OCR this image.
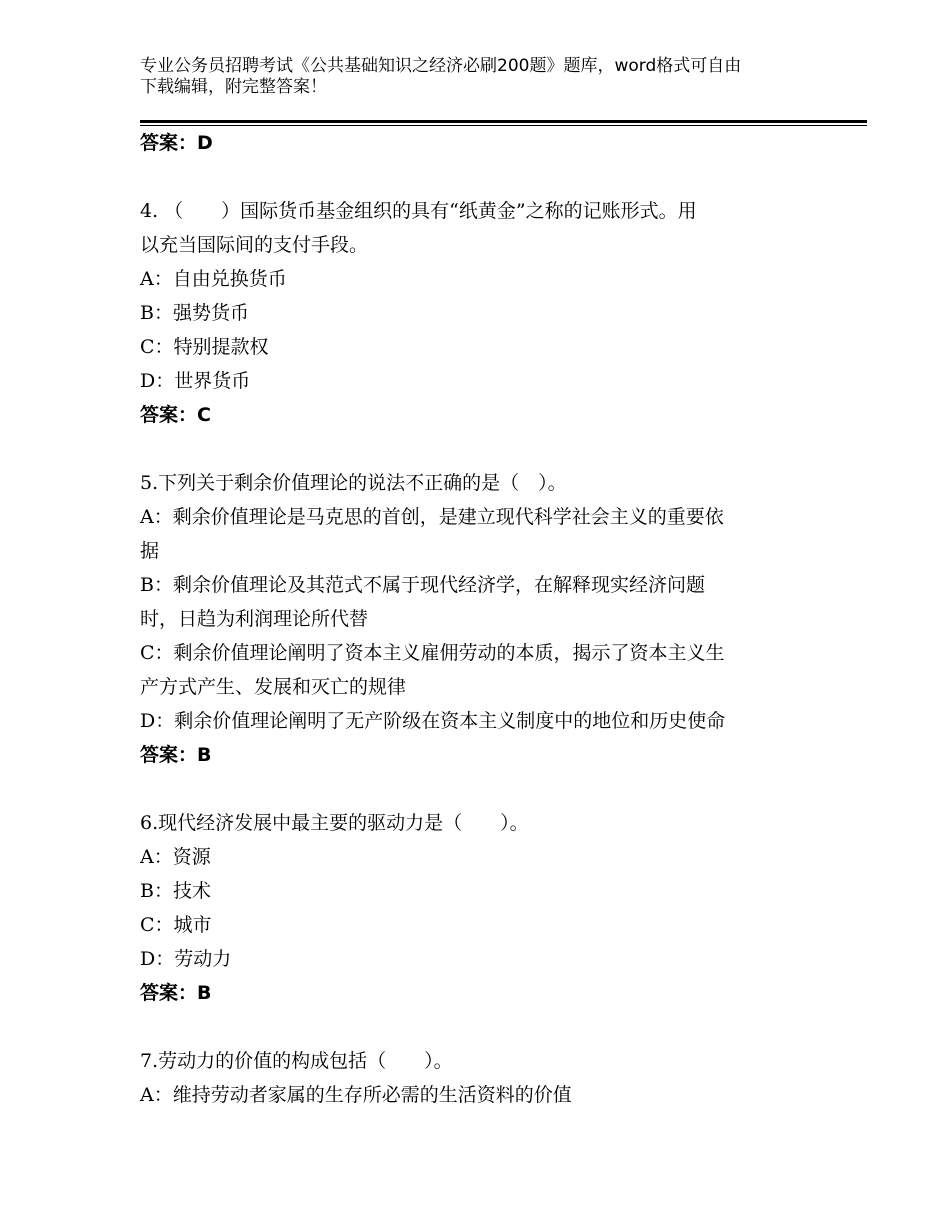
专业公务员招聘考试《公共基础知识之经济必刷200题》题库，word格式可自由
下载编辑，附完整答案！
答案：D
4. （　　）国际货币基金组织的具有“纸黄金”之称的记账形式。用
以充当国际间的支付手段。
A：自由兑换货币
B：强势货币
C：特别提款权
D：世界货币
答案：C
5.下列关于剩余价值理论的说法不正确的是（　）。
A：剩余价值理论是马克思的首创，是建立现代科学社会主义的重要依
据
B：剩余价值理论及其范式不属于现代经济学，在解释现实经济问题
时，日趋为利润理论所代替
C：剩余价值理论阐明了资本主义雇佣劳动的本质，揭示了资本主义生
产方式产生、发展和灭亡的规律
D：剩余价值理论阐明了无产阶级在资本主义制度中的地位和历史使命
答案：B
6.现代经济发展中最主要的驱动力是（　　）。
A：资源
B：技术
C：城市
D：劳动力
答案：B
7.劳动力的价值的构成包括（　　）。
A：维持劳动者家属的生存所必需的生活资料的价值
